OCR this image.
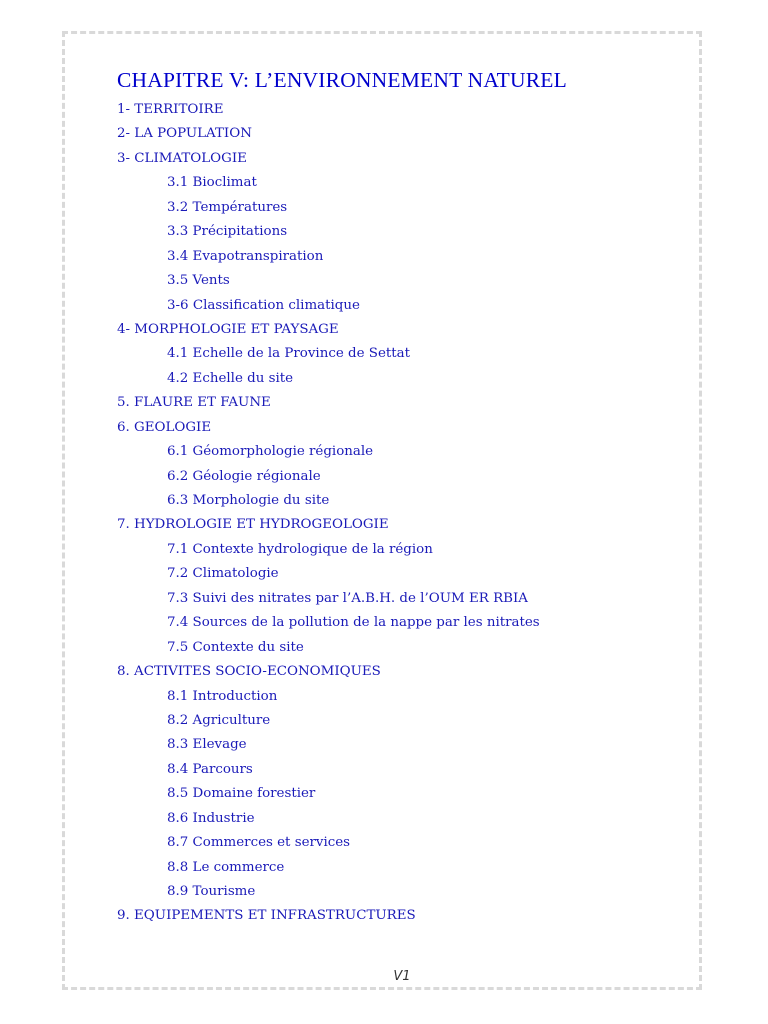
CHAPITRE V: L’ENVIRONNEMENT NATUREL
1- TERRITOIRE
2- LA POPULATION
3- CLIMATOLOGIE
3.1 Bioclimat
3.2 Températures
3.3 Précipitations
3.4 Evapotranspiration
3.5 Vents
3-6 Classification climatique
4- MORPHOLOGIE ET PAYSAGE
4.1 Echelle de la Province de Settat
4.2 Echelle du site
5. FLAURE ET FAUNE
6. GEOLOGIE
6.1 Géomorphologie régionale
6.2 Géologie régionale
6.3 Morphologie du site
7. HYDROLOGIE ET HYDROGEOLOGIE
7.1 Contexte hydrologique de la région
7.2 Climatologie
7.3 Suivi des nitrates par l’A.B.H. de l’OUM ER RBIA
7.4 Sources de la pollution de la nappe par les nitrates
7.5 Contexte du site
8. ACTIVITES SOCIO-ECONOMIQUES
8.1 Introduction
8.2 Agriculture
8.3 Elevage
8.4 Parcours
8.5 Domaine forestier
8.6 Industrie
8.7 Commerces et services
8.8 Le commerce
8.9 Tourisme
9. EQUIPEMENTS ET INFRASTRUCTURES
V1
